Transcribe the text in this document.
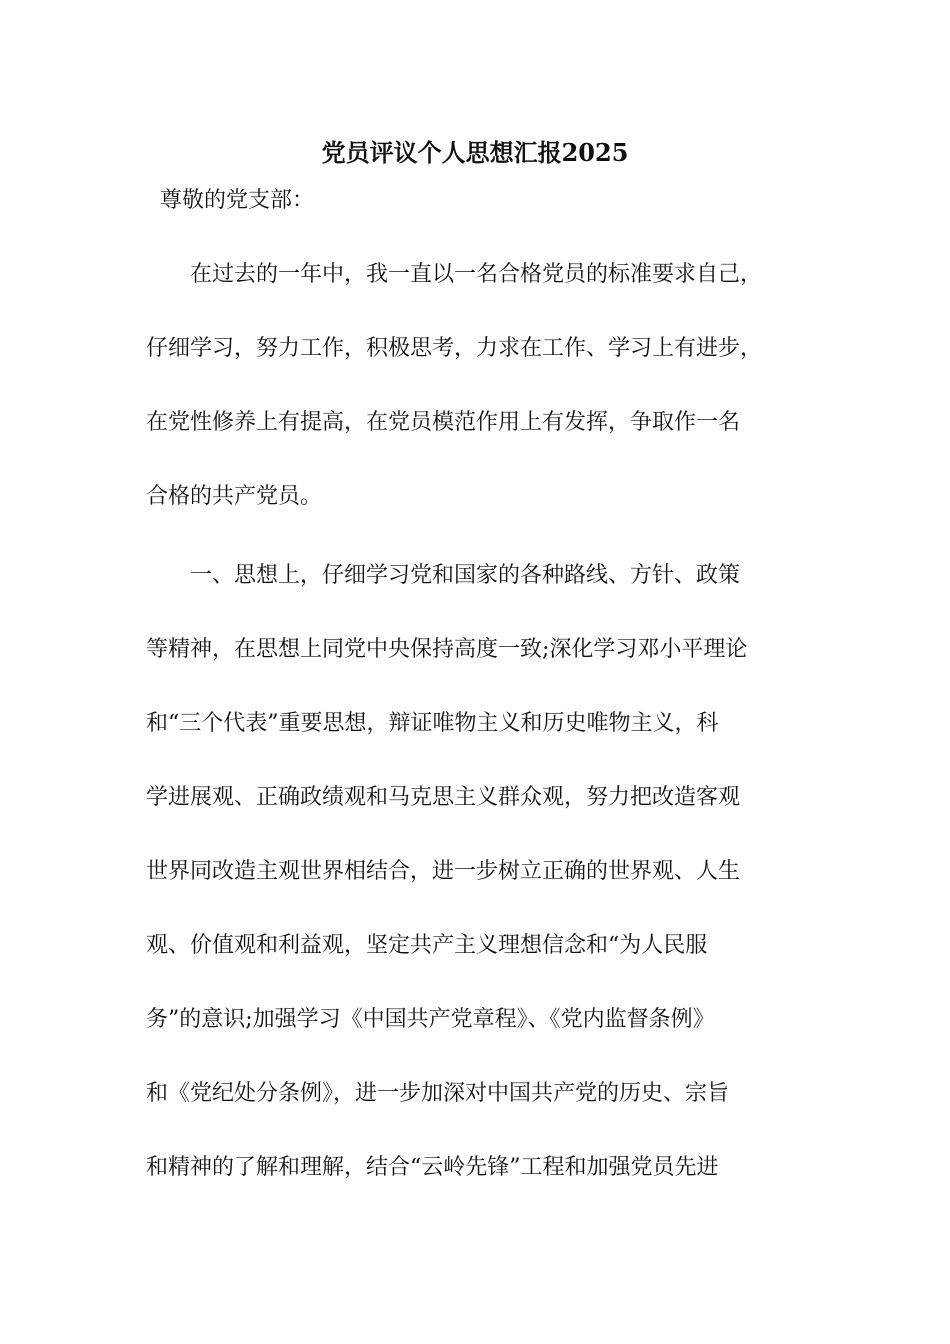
党员评议个人思想汇报2025
尊敬的党支部：
　　在过去的一年中，我一直以一名合格党员的标准要求自己，
仔细学习，努力工作，积极思考，力求在工作、学习上有进步，
在党性修养上有提高，在党员模范作用上有发挥，争取作一名
合格的共产党员。
　　一、思想上，仔细学习党和国家的各种路线、方针、政策
等精神，在思想上同党中央保持高度一致;深化学习邓小平理论
和“三个代表”重要思想，辩证唯物主义和历史唯物主义，科
学进展观、正确政绩观和马克思主义群众观，努力把改造客观
世界同改造主观世界相结合，进一步树立正确的世界观、人生
观、价值观和利益观，坚定共产主义理想信念和“为人民服
务”的意识;加强学习《中国共产党章程》、《党内监督条例》
和《党纪处分条例》，进一步加深对中国共产党的历史、宗旨
和精神的了解和理解，结合“云岭先锋”工程和加强党员先进
